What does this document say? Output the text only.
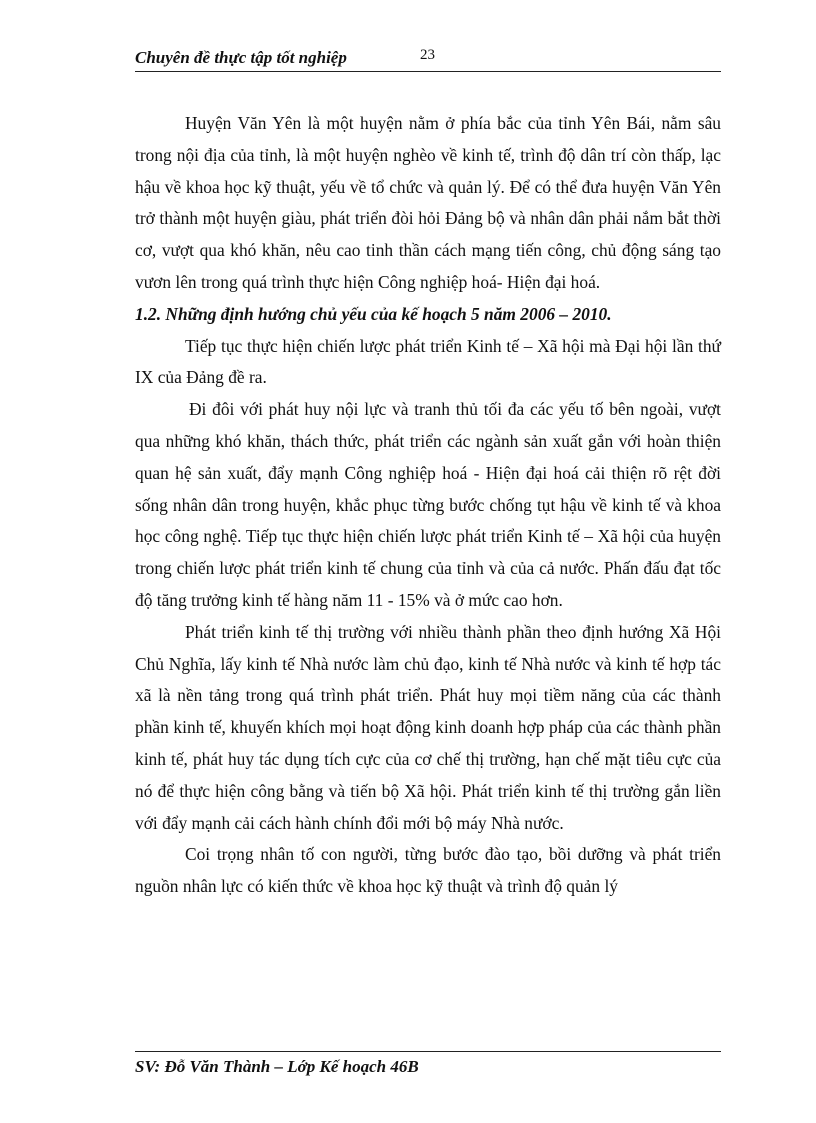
Chuyên đề thực tập tốt nghiệp	23

Huyện Văn Yên là một huyện nằm ở phía bắc của tỉnh Yên Bái, nằm sâu trong nội địa của tỉnh, là một huyện nghèo về kinh tế, trình độ dân trí còn thấp, lạc hậu về khoa học kỹ thuật, yếu về tổ chức và quản lý. Để có thể đưa huyện Văn Yên trở thành một huyện giàu, phát triển đòi hỏi Đảng bộ và nhân dân phải nắm bắt thời cơ, vượt qua khó khăn, nêu cao tinh thần cách mạng tiến công, chủ động sáng tạo vươn lên trong quá trình thực hiện Công nghiệp hoá- Hiện đại hoá.

1.2. Những định hướng chủ yếu của kế hoạch 5 năm 2006 – 2010.

Tiếp tục thực hiện chiến lược phát triển Kinh tế – Xã hội mà Đại hội lần thứ IX của Đảng đề ra.

Đi đôi với phát huy nội lực và tranh thủ tối đa các yếu tố bên ngoài, vượt qua những khó khăn, thách thức, phát triển các ngành sản xuất gắn với hoàn thiện quan hệ sản xuất, đẩy mạnh Công nghiệp hoá - Hiện đại hoá cải thiện rõ rệt đời sống nhân dân trong huyện, khắc phục từng bước chống tụt hậu về kinh tế và khoa học công nghệ. Tiếp tục thực hiện chiến lược phát triển Kinh tế – Xã hội của huyện trong chiến lược phát triển kinh tế chung của tỉnh và của cả nước. Phấn đấu đạt tốc độ tăng trưởng kinh tế hàng năm 11 - 15% và ở mức cao hơn.

Phát triển kinh tế thị trường với nhiều thành phần theo định hướng Xã Hội Chủ Nghĩa, lấy kinh tế Nhà nước làm chủ đạo, kinh tế Nhà nước và kinh tế hợp tác xã là nền tảng trong quá trình phát triển. Phát huy mọi tiềm năng của các thành phần kinh tế, khuyến khích mọi hoạt động kinh doanh hợp pháp của các thành phần kinh tế, phát huy tác dụng tích cực của cơ chế thị trường, hạn chế mặt tiêu cực của nó để thực hiện công bằng và tiến bộ Xã hội. Phát triển kinh tế thị trường gắn liền với đẩy mạnh cải cách hành chính đổi mới bộ máy Nhà nước.

Coi trọng nhân tố con người, từng bước đào tạo, bồi dưỡng và phát triển nguồn nhân lực có kiến thức về khoa học kỹ thuật và trình độ quản lý

SV: Đỗ Văn Thành – Lớp Kế hoạch 46B
